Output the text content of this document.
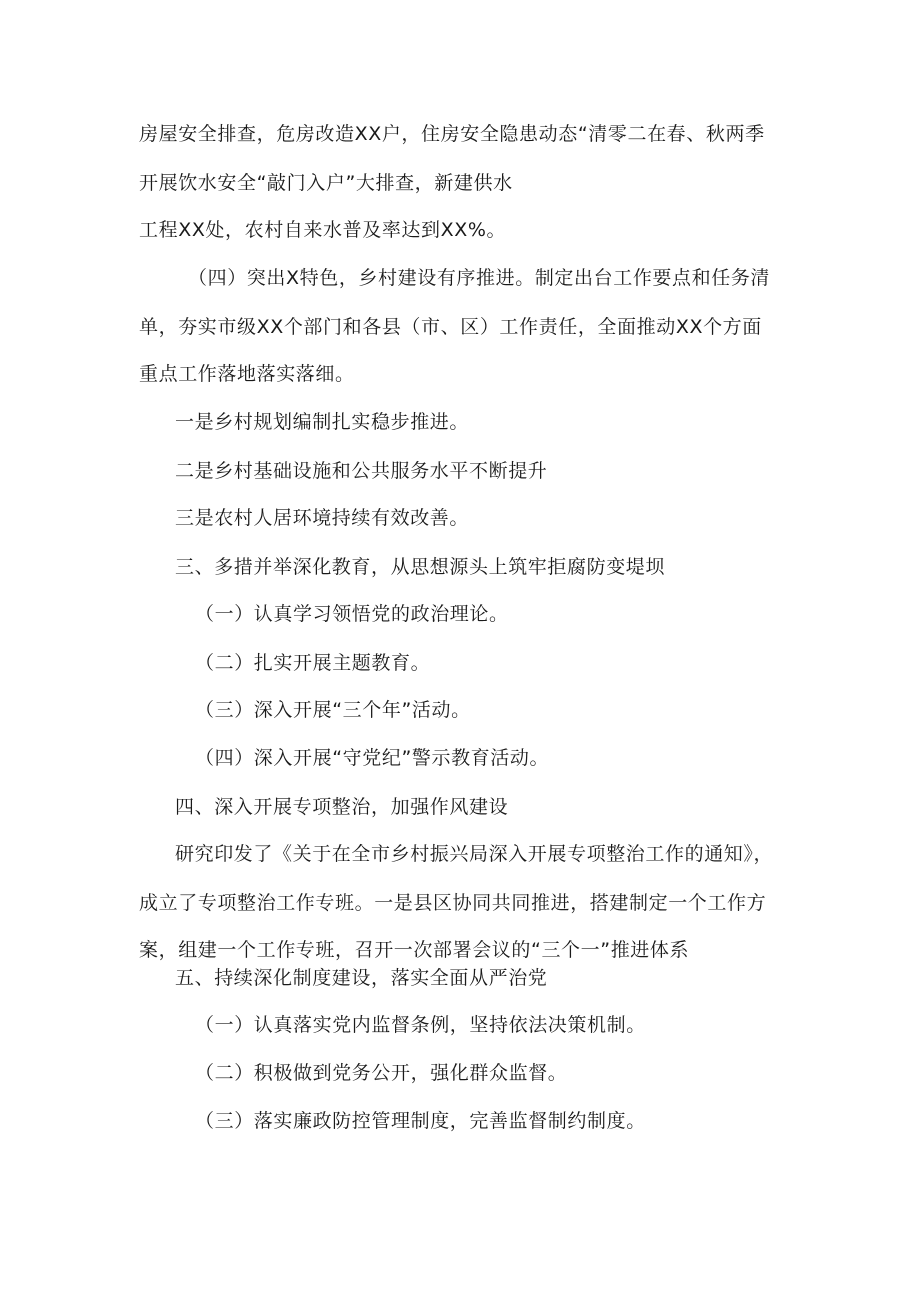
房屋安全排查，危房改造XX户，住房安全隐患动态“清零二在春、秋两季
开展饮水安全“敲门入户”大排查，新建供水
工程XX处，农村自来水普及率达到XX%。
（四）突出X特色，乡村建设有序推进。制定出台工作要点和任务清
单，夯实市级XX个部门和各县（市、区）工作责任，全面推动XX个方面
重点工作落地落实落细。
一是乡村规划编制扎实稳步推进。
二是乡村基础设施和公共服务水平不断提升
三是农村人居环境持续有效改善。
三、多措并举深化教育，从思想源头上筑牢拒腐防变堤坝
（一）认真学习领悟党的政治理论。
（二）扎实开展主题教育。
（三）深入开展“三个年”活动。
（四）深入开展“守党纪”警示教育活动。
四、深入开展专项整治，加强作风建设
研究印发了《关于在全市乡村振兴局深入开展专项整治工作的通知》，
成立了专项整治工作专班。一是县区协同共同推进，搭建制定一个工作方
案，组建一个工作专班，召开一次部署会议的“三个一”推进体系
五、持续深化制度建设，落实全面从严治党
（一）认真落实党内监督条例，坚持依法决策机制。
（二）积极做到党务公开，强化群众监督。
（三）落实廉政防控管理制度，完善监督制约制度。
